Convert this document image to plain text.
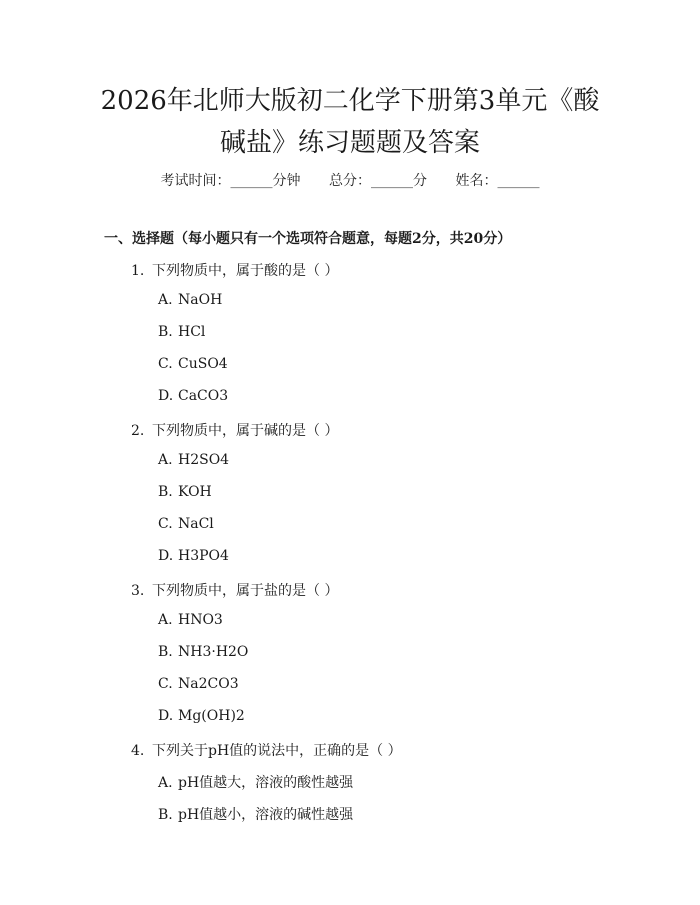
2026年北师大版初二化学下册第3单元《酸
碱盐》练习题题及答案
考试时间：______分钟 总分：______分 姓名：______
一、选择题（每小题只有一个选项符合题意，每题2分，共20分）
1. 下列物质中，属于酸的是（ ）
A. NaOH
B. HCl
C. CuSO4
D. CaCO3
2. 下列物质中，属于碱的是（ ）
A. H2SO4
B. KOH
C. NaCl
D. H3PO4
3. 下列物质中，属于盐的是（ ）
A. HNO3
B. NH3·H2O
C. Na2CO3
D. Mg(OH)2
4. 下列关于pH值的说法中，正确的是（ ）
A. pH值越大，溶液的酸性越强
B. pH值越小，溶液的碱性越强
